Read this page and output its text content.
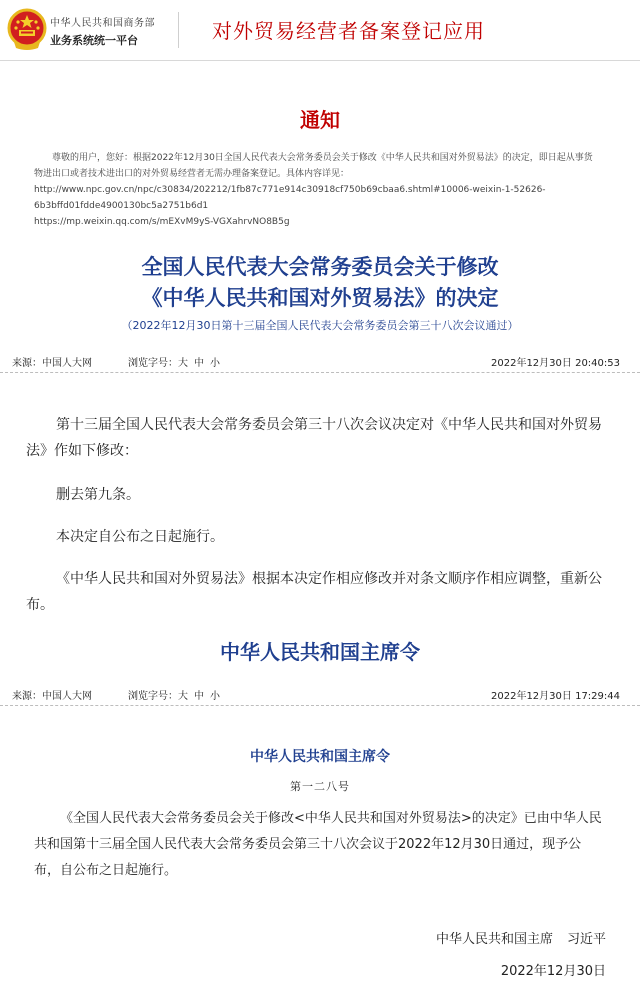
中华人民共和国商务部
业务系统统一平台	对外贸易经营者备案登记应用
通知

尊敬的用户，您好：根据2022年12月30日全国人民代表大会常务委员会关于修改《中华人民共和国对外贸易法》的决定，即日起从事货

物进出口或者技术进出口的对外贸易经营者无需办理备案登记。具体内容详见：

http://www.npc.gov.cn/npc/c30834/202212/1fb87c771e914c30918cf750b69cbaa6.shtml#10006-weixin-1-52626-

6b3bffd01fdde4900130bc5a2751b6d1

https://mp.weixin.qq.com/s/mEXvM9yS-VGXahrvNO8B5g

全国人民代表大会常务委员会关于修改
《中华人民共和国对外贸易法》的决定
（2022年12月30日第十三届全国人民代表大会常务委员会第三十八次会议通过）
来源：中国人大网	浏览字号：大 中 小	2022年12月30日 20:40:53
第十三届全国人民代表大会常务委员会第三十八次会议决定对《中华人民共和国对外贸易法》作如下修改：
删去第九条。
本决定自公布之日起施行。
《中华人民共和国对外贸易法》根据本决定作相应修改并对条文顺序作相应调整，重新公布。
中华人民共和国主席令
来源：中国人大网	浏览字号：大 中 小	2022年12月30日 17:29:44
中华人民共和国主席令
第一二八号
《全国人民代表大会常务委员会关于修改<中华人民共和国对外贸易法>的决定》已由中华人民共和国第十三届全国人民代表大会常务委员会第三十八次会议于2022年12月30日通过，现予公布，自公布之日起施行。
中华人民共和国主席 习近平
2022年12月30日
